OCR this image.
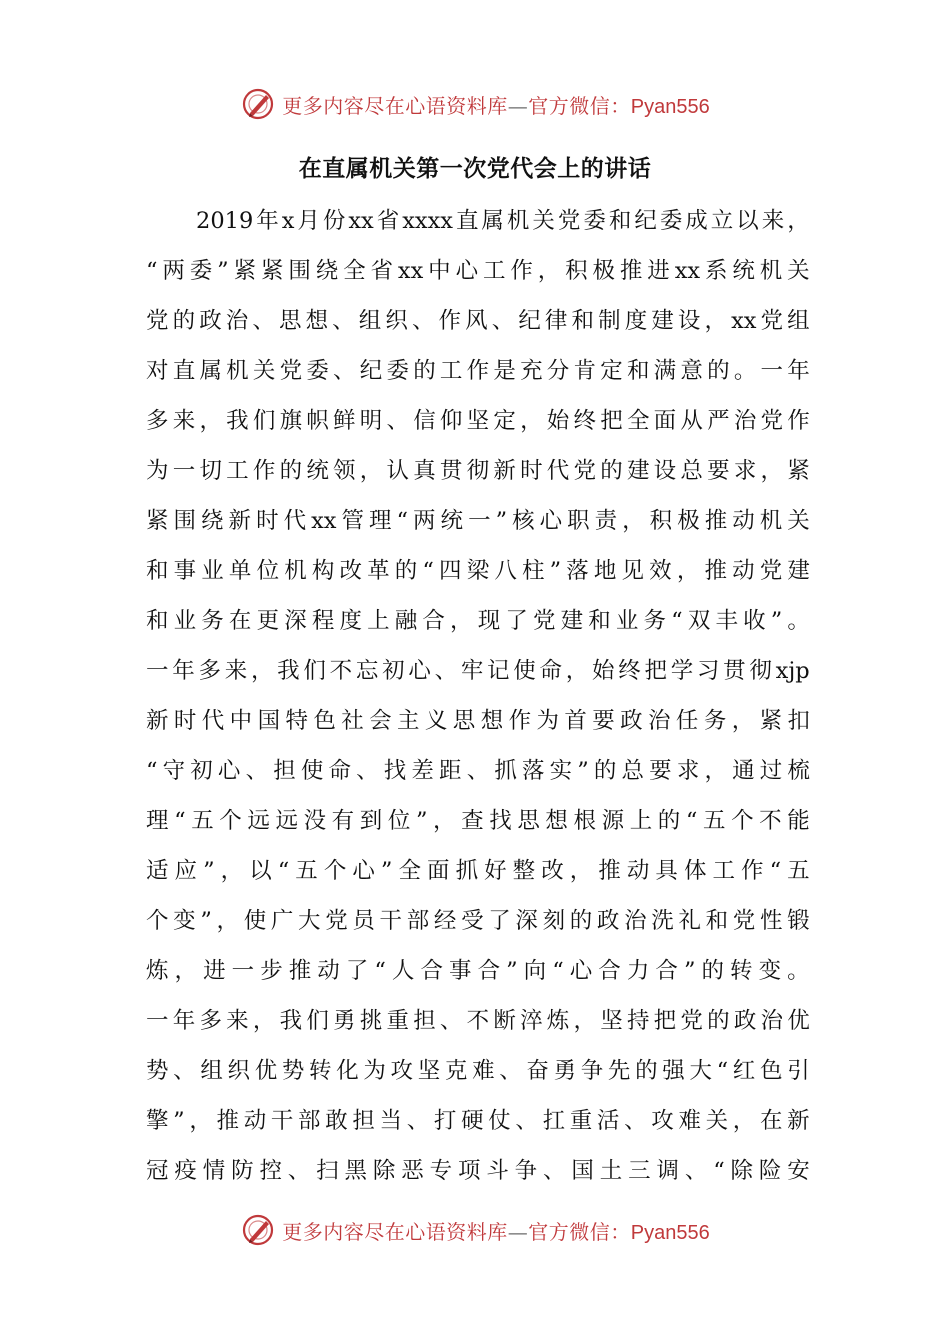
更多内容尽在心语资料库—官方微信：Pyan556
在直属机关第一次党代会上的讲话
2019 年 x 月 份 xx 省 xxxx 直 属 机 关 党 委 和 纪 委 成 立 以 来 ，
“ 两 委 ” 紧 紧 围 绕 全 省 xx 中 心 工 作 ， 积 极 推 进 xx 系 统 机 关
党 的 政 治 、 思 想 、 组 织 、 作 风 、 纪 律 和 制 度 建 设 ， xx 党 组
对 直 属 机 关 党 委 、 纪 委 的 工 作 是 充 分 肯 定 和 满 意 的 。 一 年
多 来 ， 我 们 旗 帜 鲜 明 、 信 仰 坚 定 ， 始 终 把 全 面 从 严 治 党 作
为 一 切 工 作 的 统 领 ， 认 真 贯 彻 新 时 代 党 的 建 设 总 要 求 ， 紧
紧 围 绕 新 时 代 xx 管 理 “ 两 统 一 ” 核 心 职 责 ， 积 极 推 动 机 关
和 事 业 单 位 机 构 改 革 的 “ 四 梁 八 柱 ” 落 地 见 效 ， 推 动 党 建
和 业 务 在 更 深 程 度 上 融 合 ， 现 了 党 建 和 业 务 “ 双 丰 收 ” 。
一 年 多 来 ， 我 们 不 忘 初 心 、 牢 记 使 命 ， 始 终 把 学 习 贯 彻 xjp
新 时 代 中 国 特 色 社 会 主 义 思 想 作 为 首 要 政 治 任 务 ， 紧 扣
“ 守 初 心 、 担 使 命 、 找 差 距 、 抓 落 实 ” 的 总 要 求 ， 通 过 梳
理 “ 五 个 远 远 没 有 到 位 ” ， 查 找 思 想 根 源 上 的 “ 五 个 不 能
适 应 ” ， 以 “ 五 个 心 ” 全 面 抓 好 整 改 ， 推 动 具 体 工 作 “ 五
个 变 ” ， 使 广 大 党 员 干 部 经 受 了 深 刻 的 政 治 洗 礼 和 党 性 锻
炼 ， 进 一 步 推 动 了 “ 人 合 事 合 ” 向 “ 心 合 力 合 ” 的 转 变 。
一 年 多 来 ， 我 们 勇 挑 重 担 、 不 断 淬 炼 ， 坚 持 把 党 的 政 治 优
势 、 组 织 优 势 转 化 为 攻 坚 克 难 、 奋 勇 争 先 的 强 大 “ 红 色 引
擎 ” ， 推 动 干 部 敢 担 当 、 打 硬 仗 、 扛 重 活 、 攻 难 关 ， 在 新
冠 疫 情 防 控 、 扫 黑 除 恶 专 项 斗 争 、 国 土 三 调 、 “ 除 险 安
更多内容尽在心语资料库—官方微信：Pyan556
